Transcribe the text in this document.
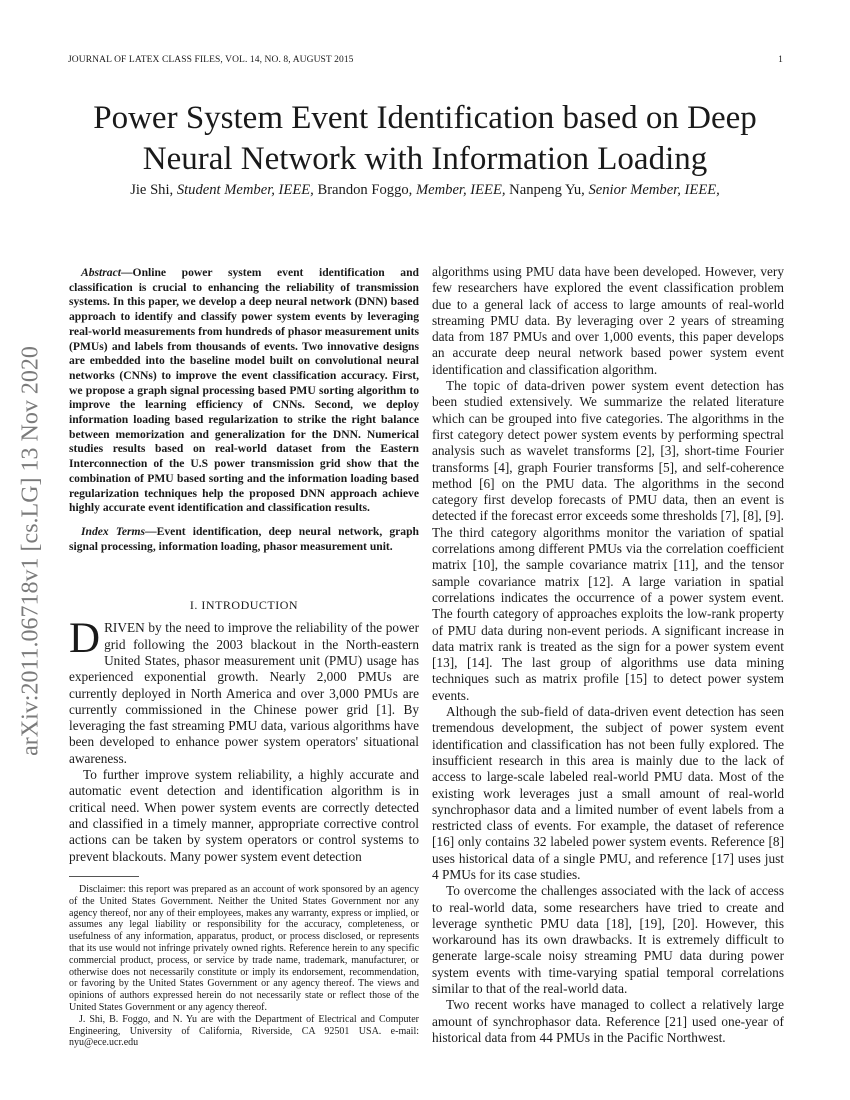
JOURNAL OF LATEX CLASS FILES, VOL. 14, NO. 8, AUGUST 2015	1
arXiv:2011.06718v1 [cs.LG] 13 Nov 2020
Power System Event Identification based on Deep Neural Network with Information Loading
Jie Shi, Student Member, IEEE, Brandon Foggo, Member, IEEE, Nanpeng Yu, Senior Member, IEEE,

Abstract—Online power system event identification and classification is crucial to enhancing the reliability of transmission systems. In this paper, we develop a deep neural network (DNN) based approach to identify and classify power system events by leveraging real-world measurements from hundreds of phasor measurement units (PMUs) and labels from thousands of events. Two innovative designs are embedded into the baseline model built on convolutional neural networks (CNNs) to improve the event classification accuracy. First, we propose a graph signal processing based PMU sorting algorithm to improve the learning efficiency of CNNs. Second, we deploy information loading based regularization to strike the right balance between memorization and generalization for the DNN. Numerical studies results based on real-world dataset from the Eastern Interconnection of the U.S power transmission grid show that the combination of PMU based sorting and the information loading based regularization techniques help the proposed DNN approach achieve highly accurate event identification and classification results.

Index Terms—Event identification, deep neural network, graph signal processing, information loading, phasor measurement unit.

I. INTRODUCTION

DRIVEN by the need to improve the reliability of the power grid following the 2003 blackout in the North-eastern United States, phasor measurement unit (PMU) usage has experienced exponential growth. Nearly 2,000 PMUs are currently deployed in North America and over 3,000 PMUs are currently commissioned in the Chinese power grid [1]. By leveraging the fast streaming PMU data, various algorithms have been developed to enhance power system operators' situational awareness.

To further improve system reliability, a highly accurate and automatic event detection and identification algorithm is in critical need. When power system events are correctly detected and classified in a timely manner, appropriate corrective control actions can be taken by system operators or control systems to prevent blackouts. Many power system event detection

Disclaimer: this report was prepared as an account of work sponsored by an agency of the United States Government. Neither the United States Government nor any agency thereof, nor any of their employees, makes any warranty, express or implied, or assumes any legal liability or responsibility for the accuracy, completeness, or usefulness of any information, apparatus, product, or process disclosed, or represents that its use would not infringe privately owned rights. Reference herein to any specific commercial product, process, or service by trade name, trademark, manufacturer, or otherwise does not necessarily constitute or imply its endorsement, recommendation, or favoring by the United States Government or any agency thereof. The views and opinions of authors expressed herein do not necessarily state or reflect those of the United States Government or any agency thereof.

J. Shi, B. Foggo, and N. Yu are with the Department of Electrical and Computer Engineering, University of California, Riverside, CA 92501 USA. e-mail: nyu@ece.ucr.edu

algorithms using PMU data have been developed. However, very few researchers have explored the event classification problem due to a general lack of access to large amounts of real-world streaming PMU data. By leveraging over 2 years of streaming data from 187 PMUs and over 1,000 events, this paper develops an accurate deep neural network based power system event identification and classification algorithm.

The topic of data-driven power system event detection has been studied extensively. We summarize the related literature which can be grouped into five categories. The algorithms in the first category detect power system events by performing spectral analysis such as wavelet transforms [2], [3], short-time Fourier transforms [4], graph Fourier transforms [5], and self-coherence method [6] on the PMU data. The algorithms in the second category first develop forecasts of PMU data, then an event is detected if the forecast error exceeds some thresholds [7], [8], [9]. The third category algorithms monitor the variation of spatial correlations among different PMUs via the correlation coefficient matrix [10], the sample covariance matrix [11], and the tensor sample covariance matrix [12]. A large variation in spatial correlations indicates the occurrence of a power system event. The fourth category of approaches exploits the low-rank property of PMU data during non-event periods. A significant increase in data matrix rank is treated as the sign for a power system event [13], [14]. The last group of algorithms use data mining techniques such as matrix profile [15] to detect power system events.

Although the sub-field of data-driven event detection has seen tremendous development, the subject of power system event identification and classification has not been fully explored. The insufficient research in this area is mainly due to the lack of access to large-scale labeled real-world PMU data. Most of the existing work leverages just a small amount of real-world synchrophasor data and a limited number of event labels from a restricted class of events. For example, the dataset of reference [16] only contains 32 labeled power system events. Reference [8] uses historical data of a single PMU, and reference [17] uses just 4 PMUs for its case studies.

To overcome the challenges associated with the lack of access to real-world data, some researchers have tried to create and leverage synthetic PMU data [18], [19], [20]. However, this workaround has its own drawbacks. It is extremely difficult to generate large-scale noisy streaming PMU data during power system events with time-varying spatial temporal correlations similar to that of the real-world data.

Two recent works have managed to collect a relatively large amount of synchrophasor data. Reference [21] used one-year of historical data from 44 PMUs in the Pacific Northwest.
